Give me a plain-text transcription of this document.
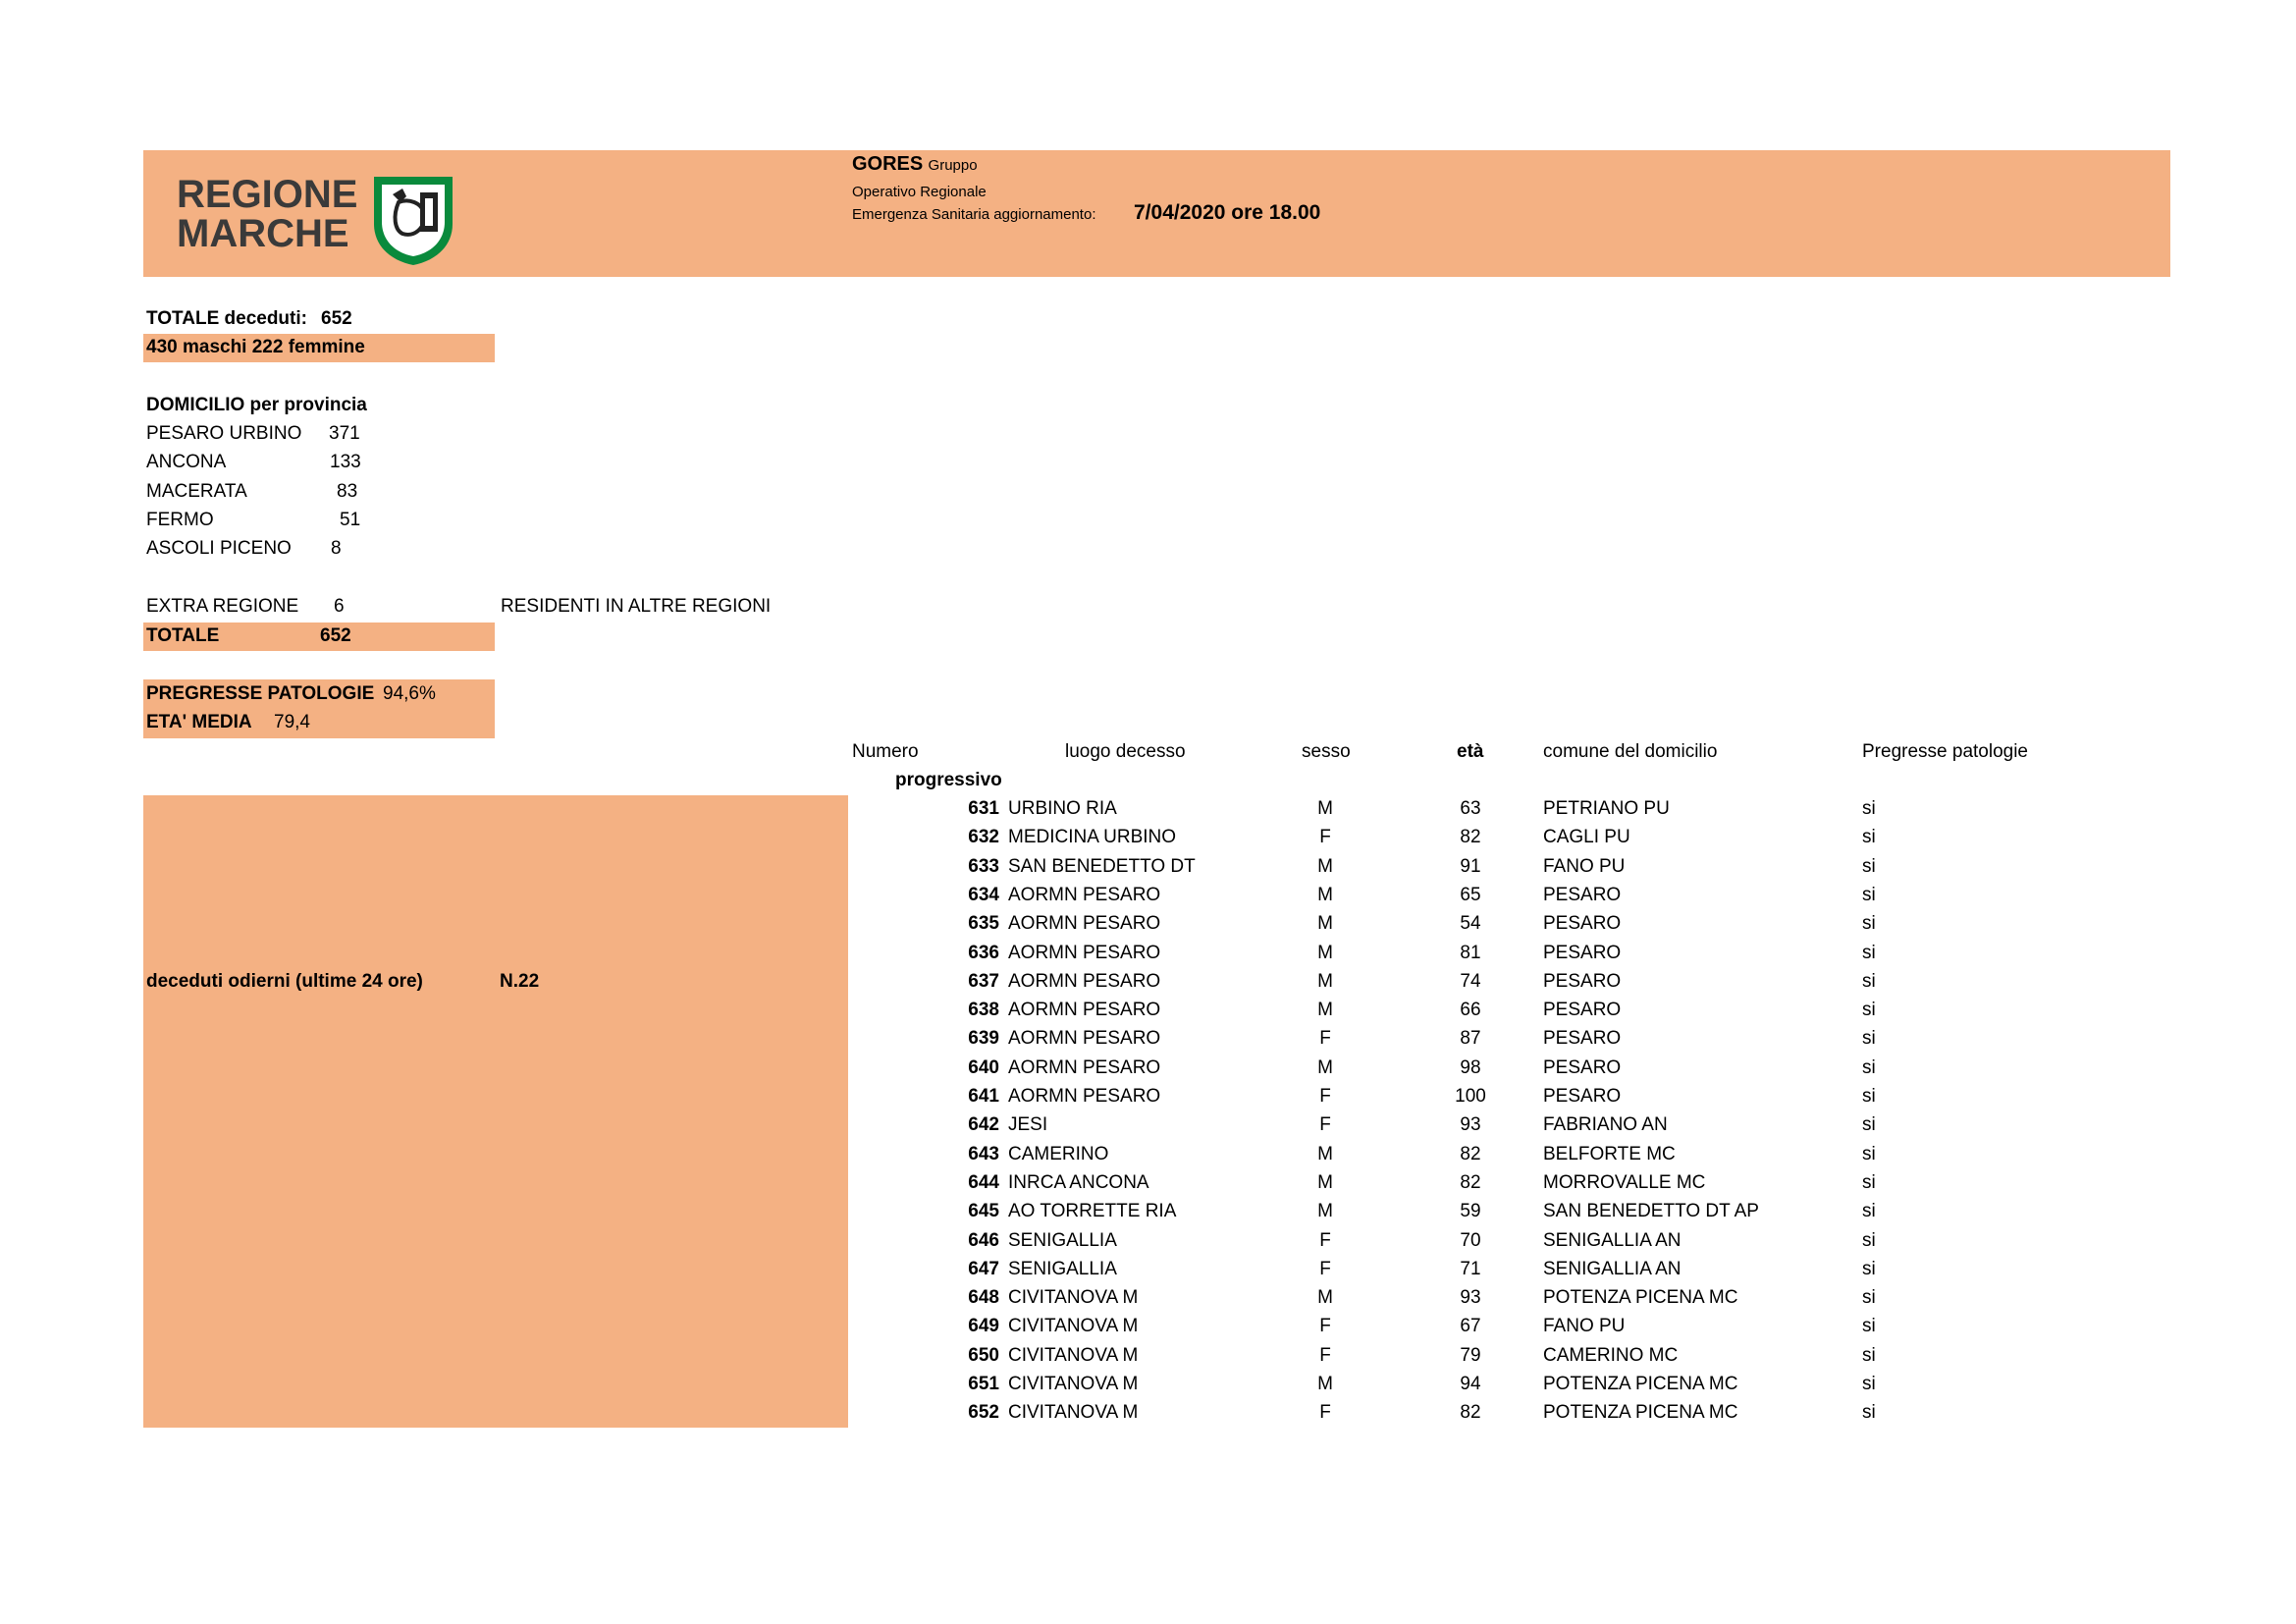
REGIONE
MARCHE
GORES Gruppo
Operativo Regionale
Emergenza Sanitaria aggiornamento: 7/04/2020 ore 18.00
TOTALE deceduti: 652
430 maschi 222 femmine
DOMICILIO per provincia
PESARO URBINO 371
ANCONA	133
MACERATA	83
FERMO	51
ASCOLI PICENO 8
EXTRA REGIONE 6	RESIDENTI IN ALTRE REGIONI
TOTALE	652
PREGRESSE PATOLOGIE 94,6%
ETA' MEDIA 79,4
deceduti odierni (ultime 24 ore)	N.22
Numero
progressivo
luogo decesso	sesso	età	comune del domicilio	Pregresse patologie
631 URBINO RIA	M	63	PETRIANO PU	si
632 MEDICINA URBINO	F	82	CAGLI PU	si
633 SAN BENEDETTO DT	M	91	FANO PU	si
634 AORMN PESARO	M	65	PESARO	si
635 AORMN PESARO	M	54	PESARO	si
636 AORMN PESARO	M	81	PESARO	si
637 AORMN PESARO	M	74	PESARO	si
638 AORMN PESARO	M	66	PESARO	si
639 AORMN PESARO	F	87	PESARO	si
640 AORMN PESARO	M	98	PESARO	si
641 AORMN PESARO	F	100	PESARO	si
642 JESI	F	93	FABRIANO AN	si
643 CAMERINO	M	82	BELFORTE MC	si
644 INRCA ANCONA	M	82	MORROVALLE MC	si
645 AO TORRETTE RIA	M	59	SAN BENEDETTO DT AP	si
646 SENIGALLIA	F	70	SENIGALLIA AN	si
647 SENIGALLIA	F	71	SENIGALLIA AN	si
648 CIVITANOVA M	M	93	POTENZA PICENA MC	si
649 CIVITANOVA M	F	67	FANO PU	si
650 CIVITANOVA M	F	79	CAMERINO MC	si
651 CIVITANOVA M	M	94	POTENZA PICENA MC	si
652 CIVITANOVA M	F	82	POTENZA PICENA MC	si
